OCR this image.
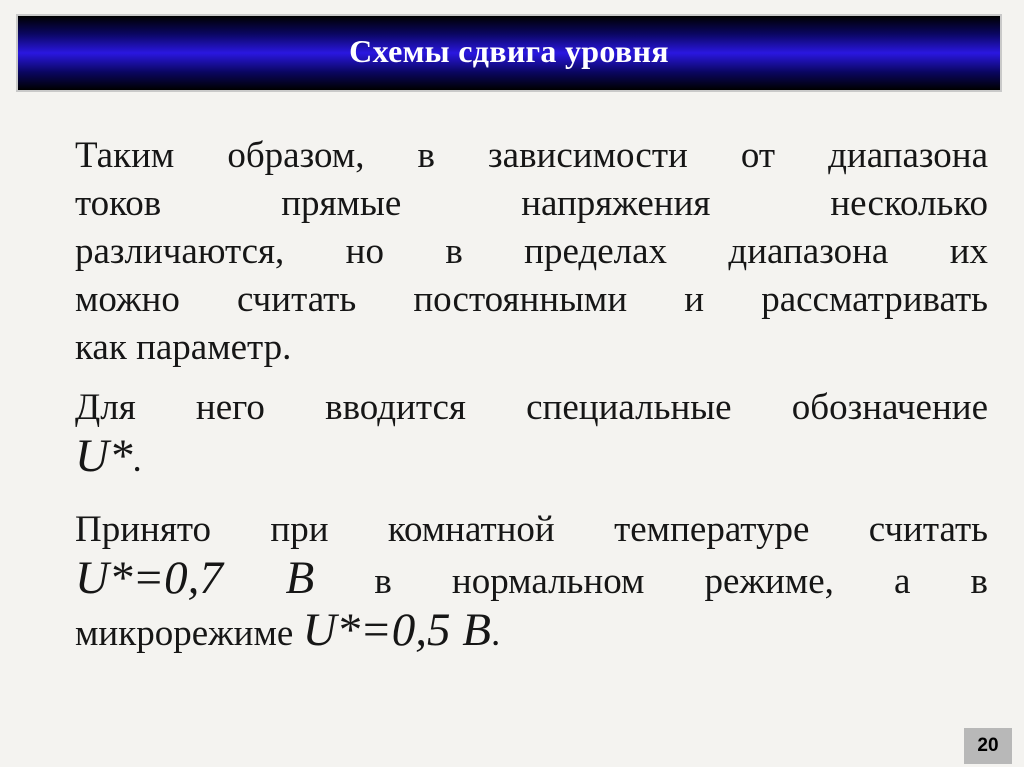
Схемы сдвига уровня
Таким образом, в зависимости от диапазона
токов прямые напряжения несколько
различаются, но в пределах диапазона их
можно считать постоянными и рассматривать
как параметр.
Для него вводится специальные обозначение
U*.
Принято при комнатной температуре считать
U*=0,7 В в нормальном режиме, а в
микрорежиме U*=0,5 В.
20
